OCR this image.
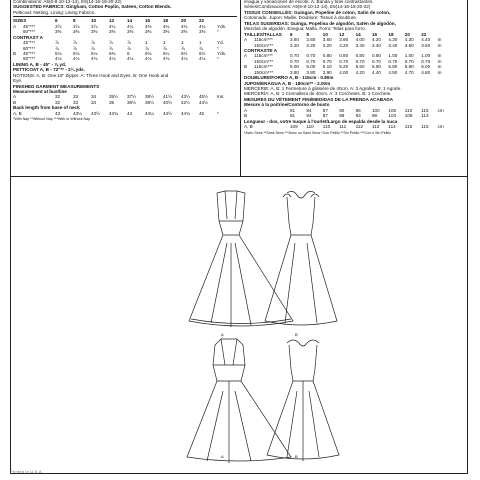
Combinations: A5(6-8-10-12-14), E5(14-16-18-20-22)
SUGGESTED FABRICS: Gingham, Cotton Poplin, Sateen, Cotton Blends.
Petticoat: Netting. Lining: Lining Fabrics.
SIZES	6	8	10	12	14	16	18	20	22
A 45"***	3⅞	3⅞	3⅞	4¼	4¼	4⅜	4¾	4¾	4¾	Yds.
60"***	3⅜	3⅜	3⅜	3⅜	3⅜	3⅜	3⅜	3⅜	3⅜	*
CONTRAST A
45"***	⅞	⅞	⅞	⅞	⅞	1	1	1	1	Yd.
60"***	⅞	⅞	⅞	⅞	⅞	⅞	⅞	⅞	⅞	*
B 45"***	5⅛	5⅛	5⅛	5⅜	6	6⅛	6¼	6½	6½	Yds.
60"***	4⅛	4⅛	4⅛	4⅛	4⅛	4⅛	4⅛	4⅛	4⅛	*
LINING A, B - 45" - ⅞ yd.
PETTICOAT A, B - 72"** - 2¼ yds.
NOTIONS: A, B: One 16" Zipper. A: Three Hook and Eyes. B: One Hook and
Eye.
FINISHED GARMENT MEASUREMENTS
Measurement at bustline
A	32	33	34	35½ 37½ 39½ 41½ 43½ 45½ Ins.
B	32	33	34	35	36½ 38½ 40½ 42½ 44½
Back length from base of neck
A, B	43	43¼ 43½ 43¾ 44	44¼ 44½ 44¾ 45	*
*With Nap **Without Nap ***With or Without Nap
enagua y variaciones de escote. A: Banda y tiras contrastantes.
Séries/Combinaciones: A5(6-8-10-12-14), E5(14-16-18-20-22)
TISSUS CONSEILLÉS: Guingan, Popeline de coton, Satin de coton,
Cotonnade. Jupon: Maille. Doublure: Tissus à doublure.
TELAS SUGERIDAS: Guinga, Popelina de algodón, Satén de algodón,
Mezclas de algodón. Enagua: Malla. Forro: Telas para forro.
TAILLES/TALLAS 6	8	10 12 14 16 18 20 22
A 115cm***	3.60 3.60 3.60 3.90 4.00 4.20 4.30 4.30 4.40 m
150cm***	3.20 3.20 3.20 3.20 3.40 3.40 3.40 3.50 3.50 m
CONTRASTE A
A 115cm***	0.70 0.70 0.80 0.80 0.80 0.80 1.00 1.00 1.00 m
150cm***	0.70 0.70 0.70 0.70 0.70 0.70 0.70 0.70 0.70 m
B 115cm***	5.00 5.00 5.10 5.20 5.50 5.60 5.80 5.90 6.00 m
150cm***	3.80 3.80 3.90 4.00 4.20 4.40 4.50 4.70 4.80 m
DOUBLURE/FORRO A, B - 115cm - 0.80m
JUPON/ENAGUA A, B - 180cm** - 2.00m
MERCERIE: A, B: 1 Fermeture à glissière de 40cm. A: 3 Agrafes. B: 1 Agrafe.
MERCERÍA: A, B: 1 Cremallera de 40cm. A: 3 Corchetes. B: 1 Corchete.
MESURES DU VÊTEMENT FINI/MEDIDAS DE LA PRENDA ACABADA
Mesure à la poitrine/Contorno de busto
A	81 84 87 90 95 100 105 110 116 cm
B	81 84 87 89 93 98 103 108 113
Longueur - dos, votre nuque à l'ourlet/Largo de espalda desde la nuca
A, B	109 110 110 111 112 113 114 115 115 cm
*Avec Sens **Sans Sens ***Avec ou Sans Sens *Con Pelillo **Sin Pelillo ***Con o Sin Pelillo
A	B
A	B
Printed in U.S.A.
